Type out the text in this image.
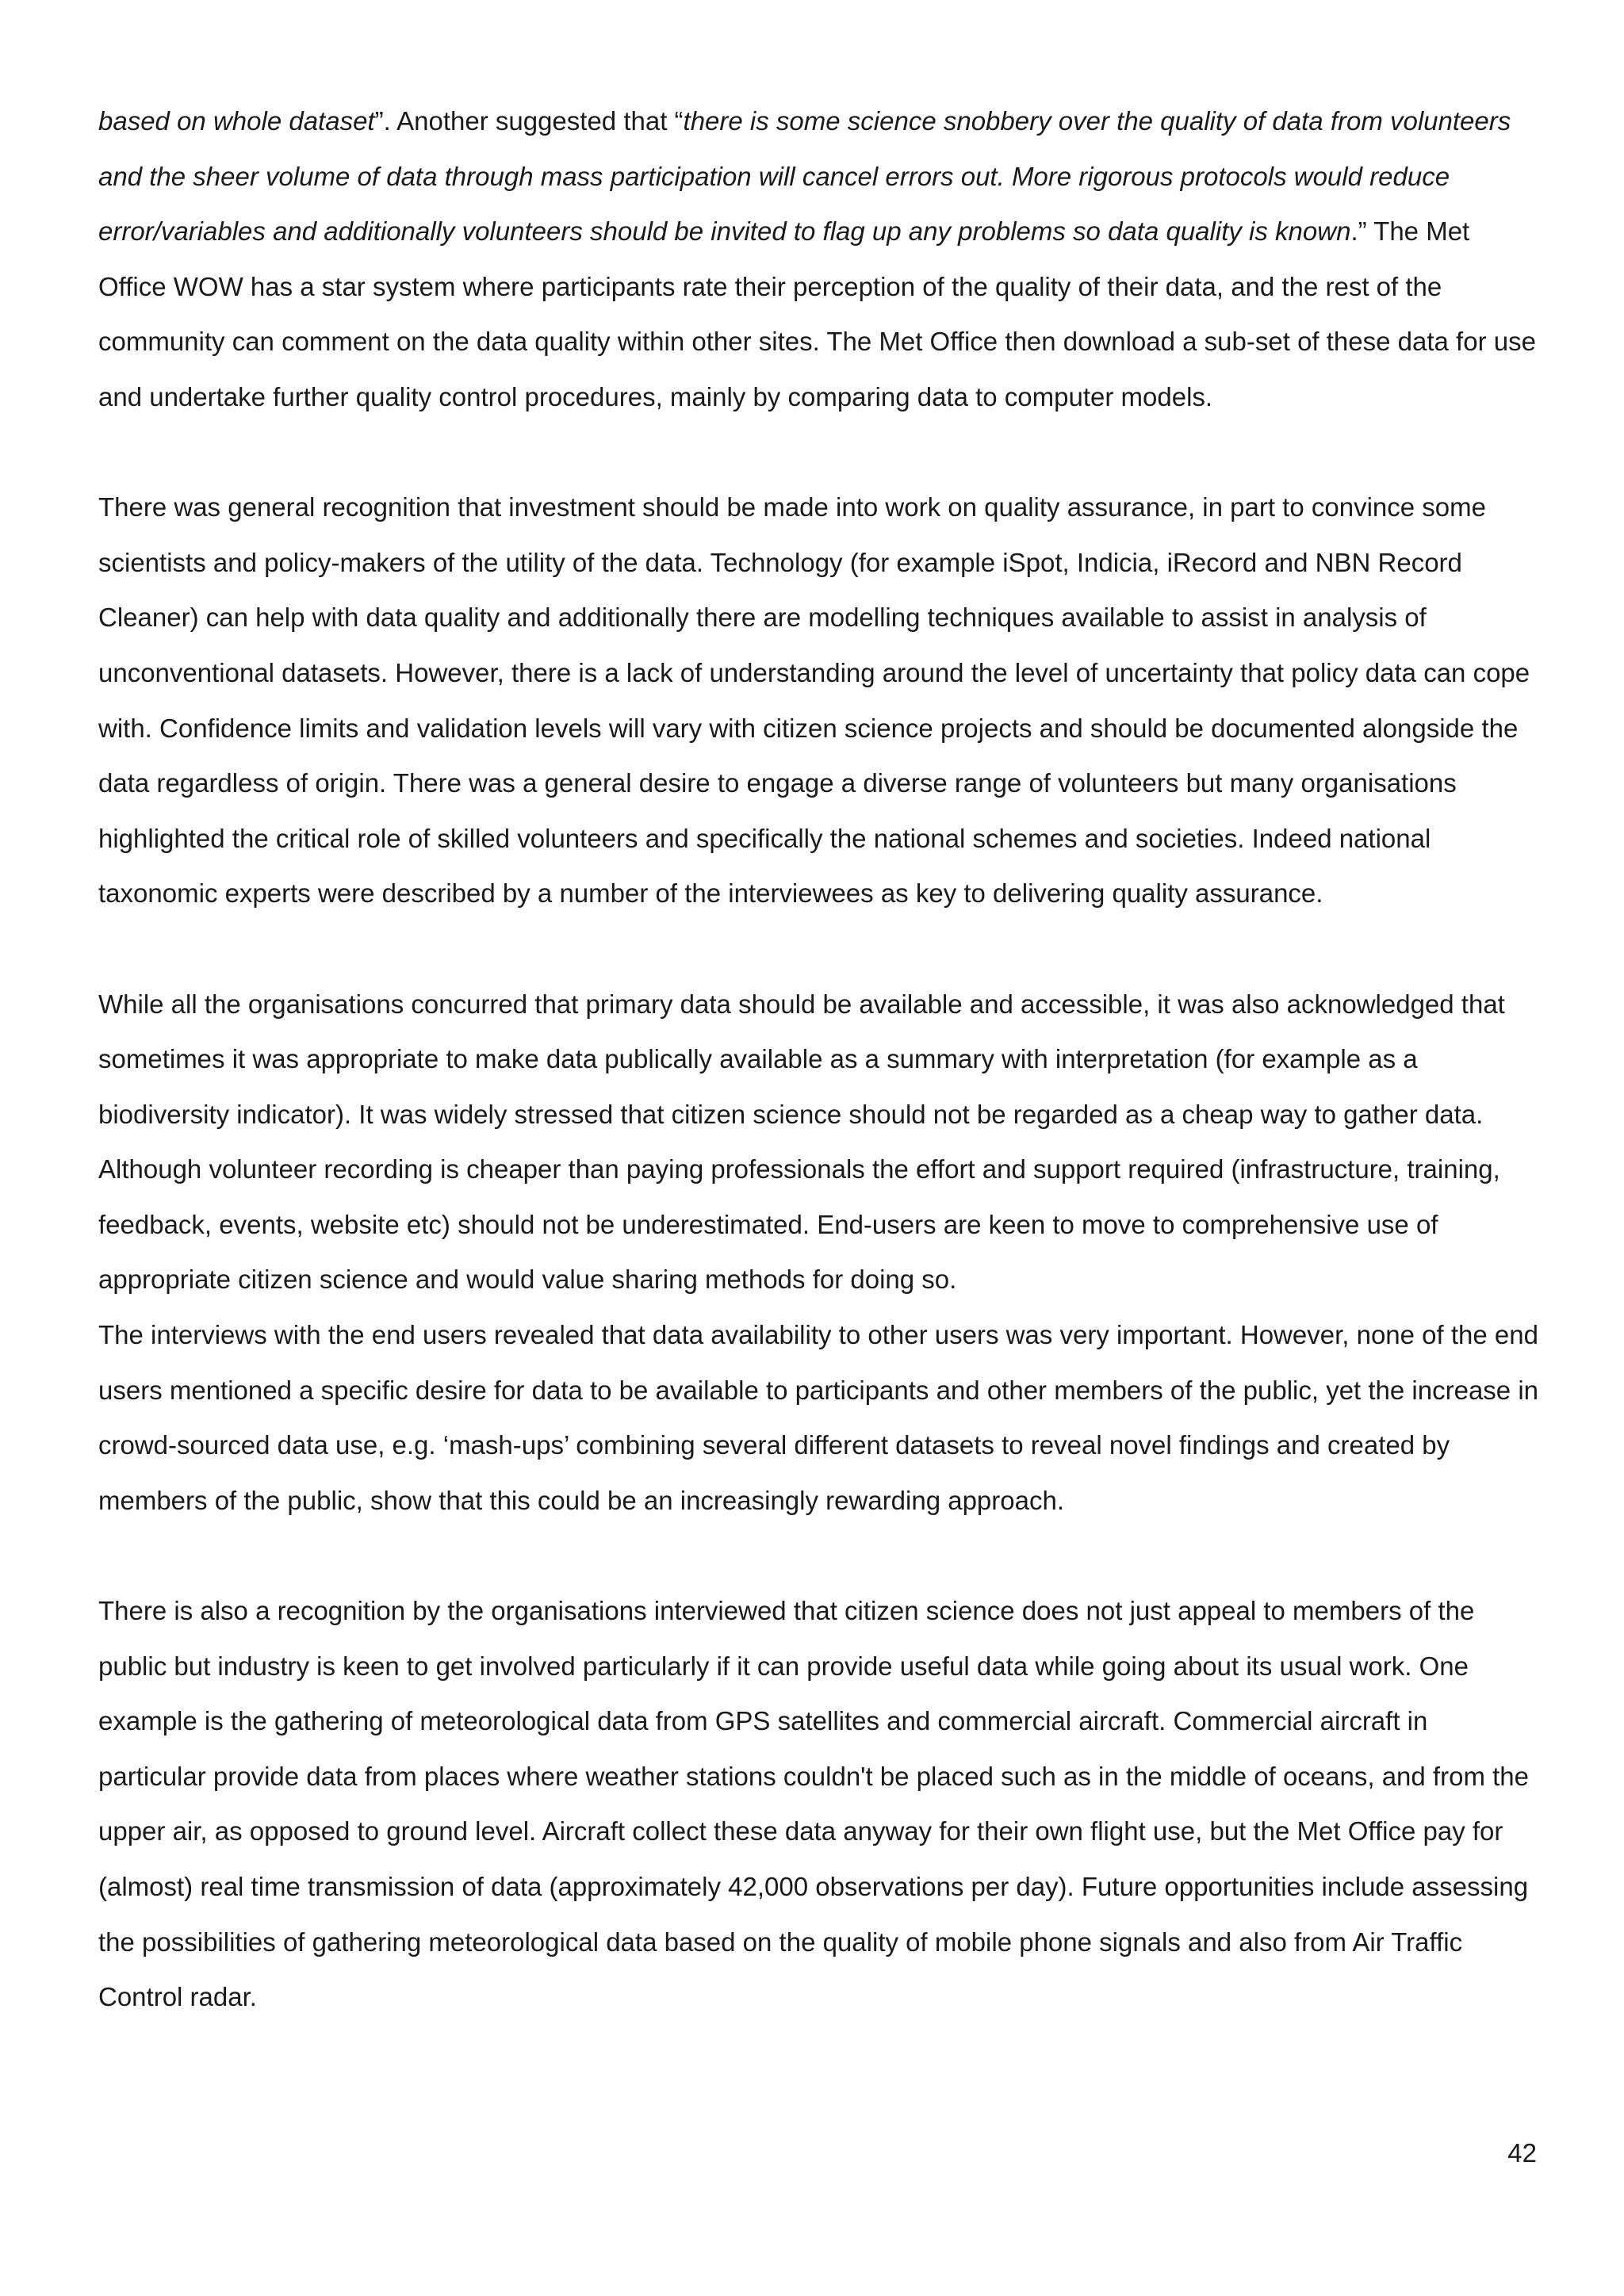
based on whole dataset”. Another suggested that “there is some science snobbery over the quality of data from volunteers and the sheer volume of data through mass participation will cancel errors out. More rigorous protocols would reduce error/variables and additionally volunteers should be invited to flag up any problems so data quality is known.” The Met Office WOW has a star system where participants rate their perception of the quality of their data, and the rest of the community can comment on the data quality within other sites. The Met Office then download a sub-set of these data for use and undertake further quality control procedures, mainly by comparing data to computer models.

There was general recognition that investment should be made into work on quality assurance, in part to convince some scientists and policy-makers of the utility of the data. Technology (for example iSpot, Indicia, iRecord and NBN Record Cleaner) can help with data quality and additionally there are modelling techniques available to assist in analysis of unconventional datasets. However, there is a lack of understanding around the level of uncertainty that policy data can cope with. Confidence limits and validation levels will vary with citizen science projects and should be documented alongside the data regardless of origin. There was a general desire to engage a diverse range of volunteers but many organisations highlighted the critical role of skilled volunteers and specifically the national schemes and societies. Indeed national taxonomic experts were described by a number of the interviewees as key to delivering quality assurance.

While all the organisations concurred that primary data should be available and accessible, it was also acknowledged that sometimes it was appropriate to make data publically available as a summary with interpretation (for example as a biodiversity indicator). It was widely stressed that citizen science should not be regarded as a cheap way to gather data. Although volunteer recording is cheaper than paying professionals the effort and support required (infrastructure, training, feedback, events, website etc) should not be underestimated. End-users are keen to move to comprehensive use of appropriate citizen science and would value sharing methods for doing so.

The interviews with the end users revealed that data availability to other users was very important. However, none of the end users mentioned a specific desire for data to be available to participants and other members of the public, yet the increase in crowd-sourced data use, e.g. ‘mash-ups’ combining several different datasets to reveal novel findings and created by members of the public, show that this could be an increasingly rewarding approach.

There is also a recognition by the organisations interviewed that citizen science does not just appeal to members of the public but industry is keen to get involved particularly if it can provide useful data while going about its usual work. One example is the gathering of meteorological data from GPS satellites and commercial aircraft. Commercial aircraft in particular provide data from places where weather stations couldn't be placed such as in the middle of oceans, and from the upper air, as opposed to ground level. Aircraft collect these data anyway for their own flight use, but the Met Office pay for (almost) real time transmission of data (approximately 42,000 observations per day). Future opportunities include assessing the possibilities of gathering meteorological data based on the quality of mobile phone signals and also from Air Traffic Control radar.

42
